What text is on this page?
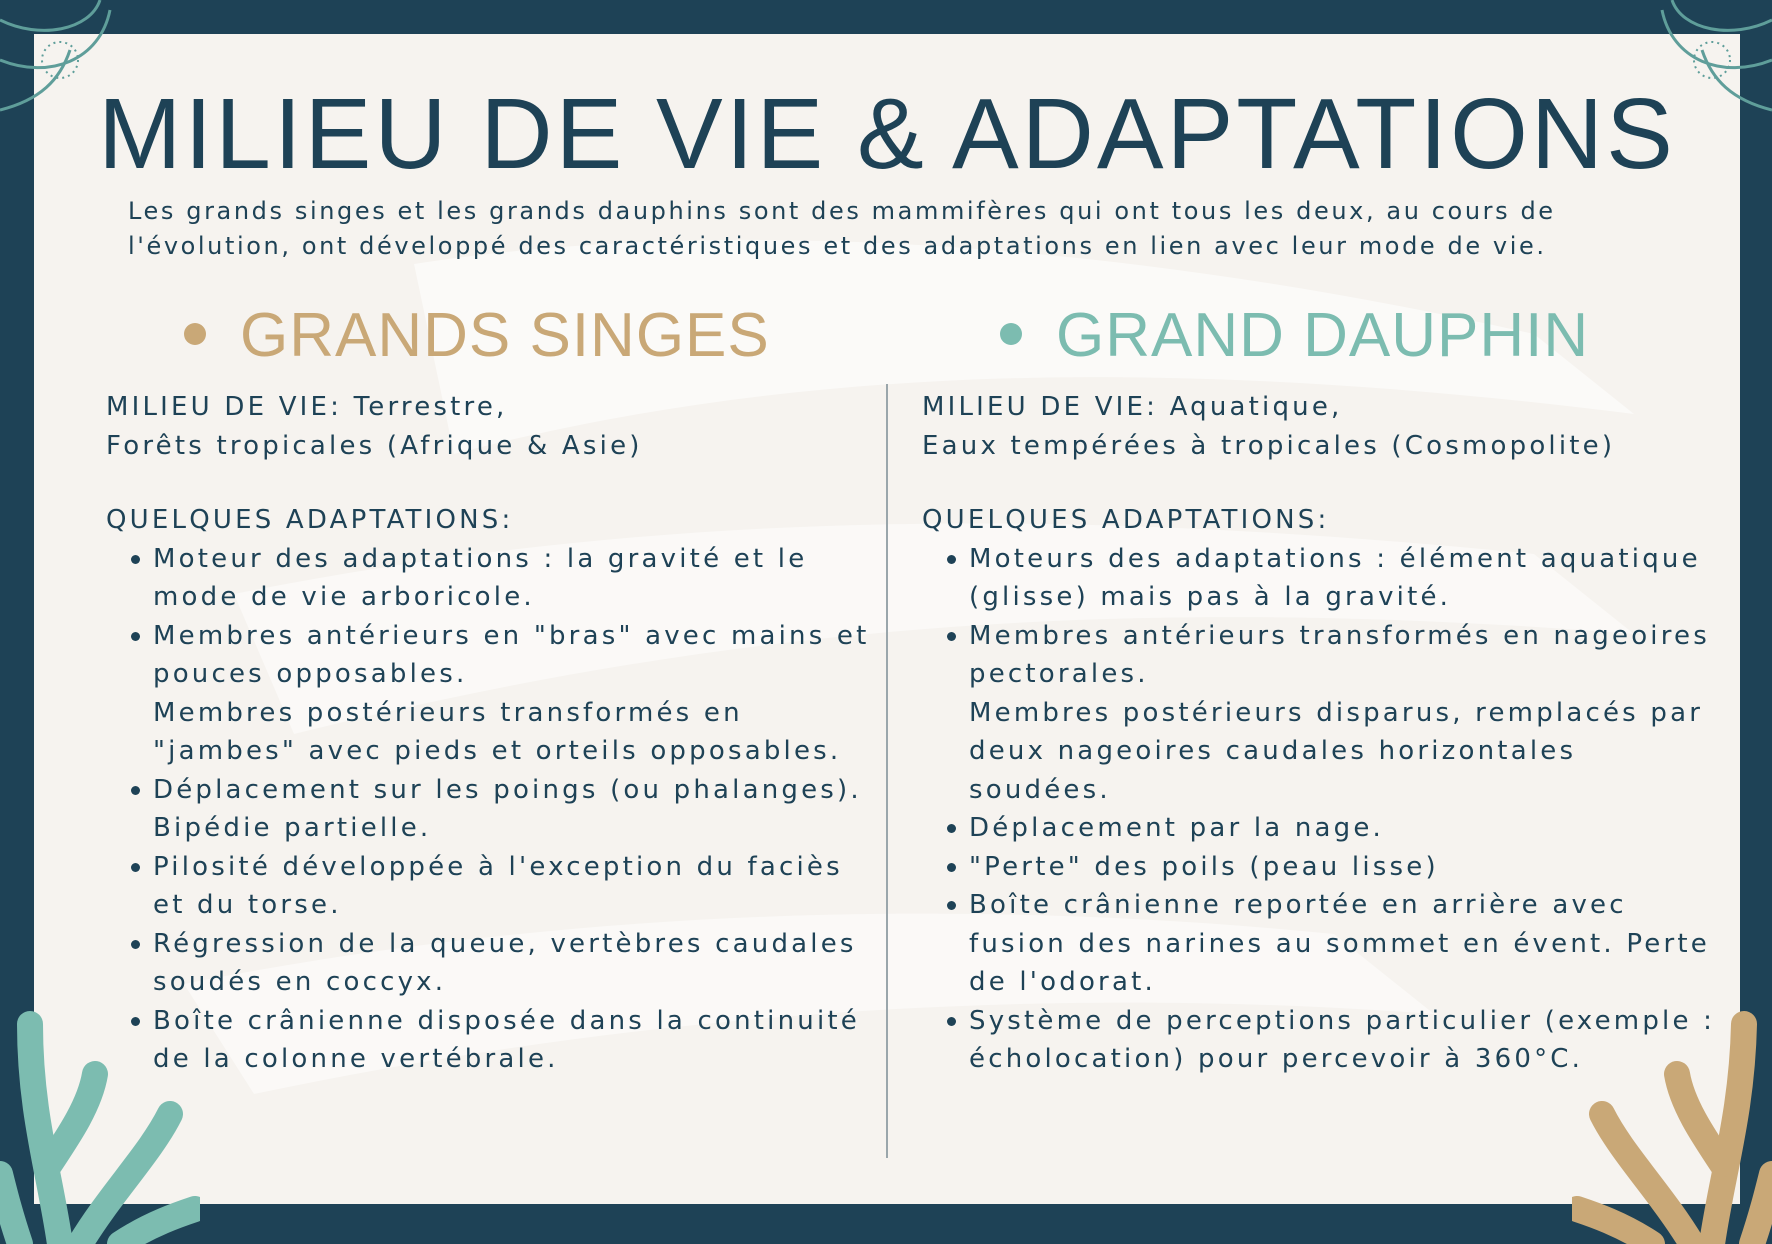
MILIEU DE VIE & ADAPTATIONS
Les grands singes et les grands dauphins sont des mammifères qui ont tous les deux, au cours de l'évolution, ont développé des caractéristiques et des adaptations en lien avec leur mode de vie.
GRANDS SINGES	GRAND DAUPHIN

MILIEU DE VIE: Terrestre,

Forêts tropicales (Afrique & Asie)

QUELQUES ADAPTATIONS:

Moteur des adaptations : la gravité et le mode de vie arboricole.
Membres antérieurs en "bras" avec mains et pouces opposables.
Membres postérieurs transformés en "jambes" avec pieds et orteils opposables.
Déplacement sur les poings (ou phalanges). Bipédie partielle.
Pilosité développée à l'exception du faciès et du torse.
Régression de la queue, vertèbres caudales soudés en coccyx.
Boîte crânienne disposée dans la continuité de la colonne vertébrale.

MILIEU DE VIE: Aquatique,

Eaux tempérées à tropicales (Cosmopolite)

QUELQUES ADAPTATIONS:

Moteurs des adaptations : élément aquatique (glisse) mais pas à la gravité.
Membres antérieurs transformés en nageoires pectorales.
Membres postérieurs disparus, remplacés par deux nageoires caudales horizontales soudées.
Déplacement par la nage.
"Perte" des poils (peau lisse)
Boîte crânienne reportée en arrière avec fusion des narines au sommet en évent. Perte de l'odorat.
Système de perceptions particulier (exemple : écholocation) pour percevoir à 360°C.
